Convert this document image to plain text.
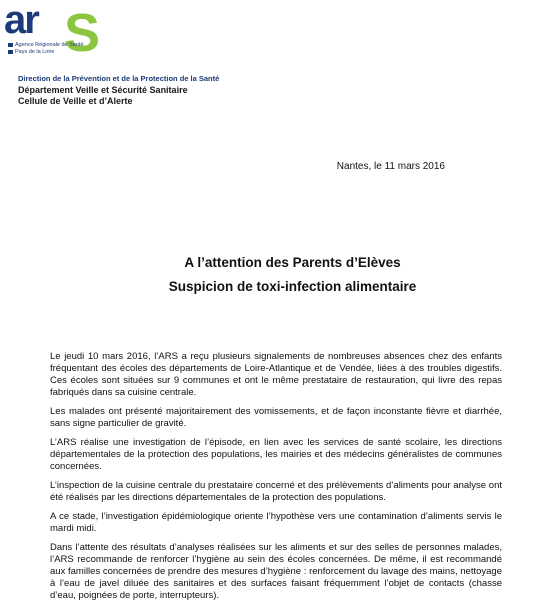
ar S
Agence Régionale de Santé
Pays de la Loire
Direction de la Prévention et de la Protection de la Santé
Département Veille et Sécurité Sanitaire
Cellule de Veille et d’Alerte
Nantes, le 11 mars 2016
A l’attention des Parents d’Elèves
Suspicion de toxi-infection alimentaire

Le jeudi 10 mars 2016, l’ARS a reçu plusieurs signalements de nombreuses absences chez des enfants fréquentant des écoles des départements de Loire-Atlantique et de Vendée, liées à des troubles digestifs. Ces écoles sont situées sur 9 communes et ont le même prestataire de restauration, qui livre des repas fabriqués dans sa cuisine centrale.

Les malades ont présenté majoritairement des vomissements, et de façon inconstante fièvre et diarrhée, sans signe particulier de gravité.

L’ARS réalise une investigation de l’épisode, en lien avec les services de santé scolaire, les directions départementales de la protection des populations, les mairies et des médecins généralistes de communes concernées.

L’inspection de la cuisine centrale du prestataire concerné et des prélèvements d’aliments pour analyse ont été réalisés par les directions départementales de la protection des populations.

A ce stade, l’investigation épidémiologique oriente l’hypothèse vers une contamination d’aliments servis le mardi midi.

Dans l’attente des résultats d’analyses réalisées sur les aliments et sur des selles de personnes malades, l’ARS recommande de renforcer l’hygiène au sein des écoles concernées. De même, il est recommandé aux familles concernées de prendre des mesures d’hygiène : renforcement du lavage des mains, nettoyage à l’eau de javel diluée des sanitaires et des surfaces faisant fréquemment l’objet de contacts (chasse d’eau, poignées de porte, interrupteurs).
